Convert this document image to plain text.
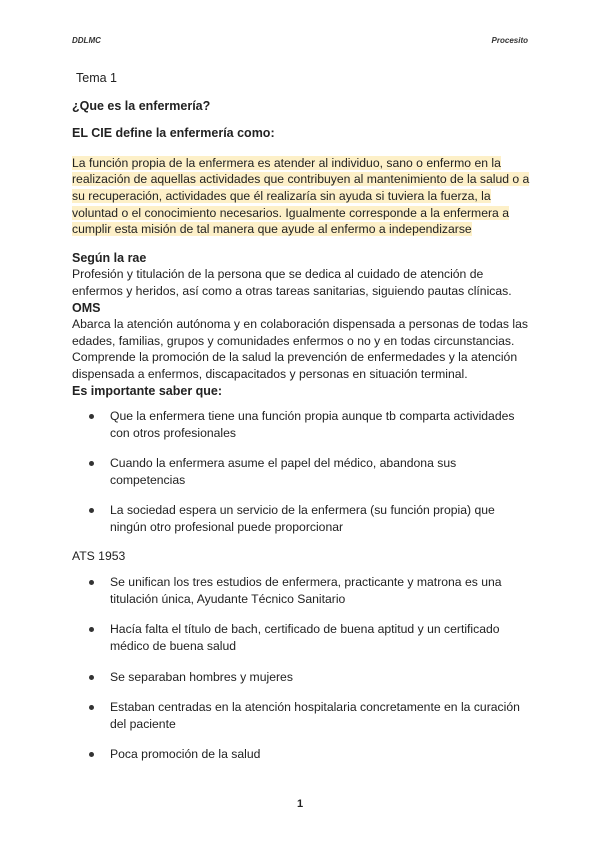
DDLMC	Procesito

Tema 1

¿Que es la enfermería?

EL CIE define la enfermería como:

La función propia de la enfermera es atender al individuo, sano o enfermo en la realización de aquellas actividades que contribuyen al mantenimiento de la salud o a su recuperación, actividades que él realizaría sin ayuda si tuviera la fuerza, la voluntad o el conocimiento necesarios. Igualmente corresponde a la enfermera a cumplir esta misión de tal manera que ayude al enfermo a independizarse

Según la rae

Profesión y titulación de la persona que se dedica al cuidado de atención de enfermos y heridos, así como a otras tareas sanitarias, siguiendo pautas clínicas.

OMS

Abarca la atención autónoma y en colaboración dispensada a personas de todas las edades, familias, grupos y comunidades enfermos o no y en todas circunstancias. Comprende la promoción de la salud la prevención de enfermedades y la atención dispensada a enfermos, discapacitados y personas en situación terminal.

Es importante saber que:

Que la enfermera tiene una función propia aunque tb comparta actividades con otros profesionales
Cuando la enfermera asume el papel del médico, abandona sus competencias
La sociedad espera un servicio de la enfermera (su función propia) que ningún otro profesional puede proporcionar

ATS 1953

Se unifican los tres estudios de enfermera, practicante y matrona es una titulación única, Ayudante Técnico Sanitario
Hacía falta el título de bach, certificado de buena aptitud y un certificado médico de buena salud
Se separaban hombres y mujeres
Estaban centradas en la atención hospitalaria concretamente en la curación del paciente
Poca promoción de la salud
1
